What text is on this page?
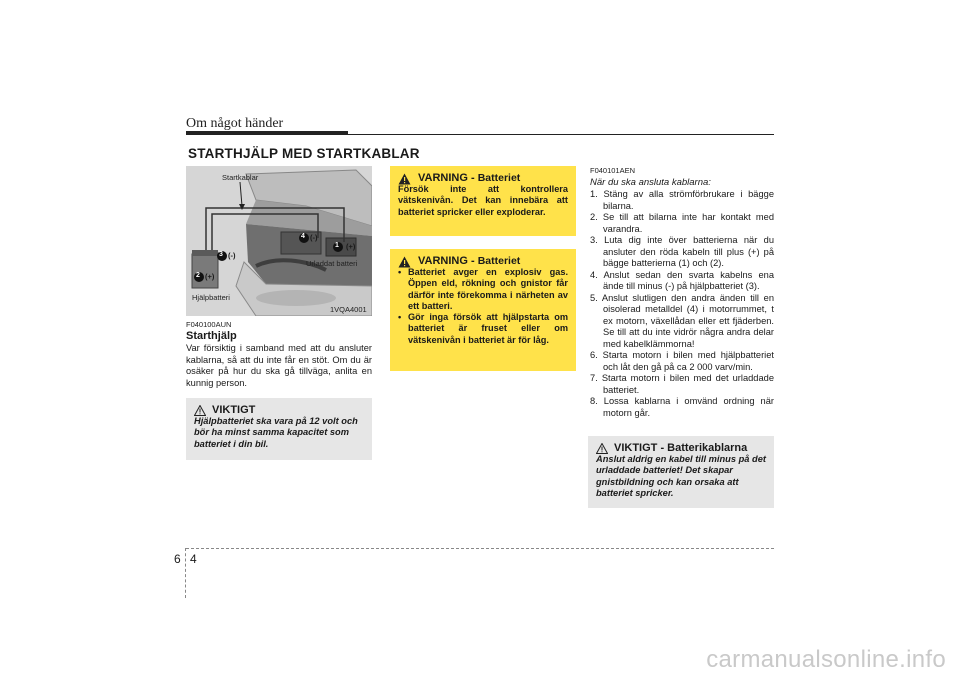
Om något händer
STARTHJÄLP MED STARTKABLAR
Startkablar
Urladdat batteri
Hjälpbatteri
1VQA4001
1
2
3
4
(+)
(-)
(-)
(+)
F040100AUN
Starthjälp
Var försiktig i samband med att du ansluter kablarna, så att du inte får en stöt. Om du är osäker på hur du ska gå tillväga, anlita en kunnig person.
VIKTIGT
Hjälpbatteriet ska vara på 12 volt och bör ha minst samma kapacitet som batteriet i din bil.
VARNING - Batteriet
Försök inte att kontrollera vätskenivån. Det kan innebära att batteriet spricker eller exploderar.
VARNING - Batteriet
• Batteriet avger en explosiv gas. Öppen eld, rökning och gnistor får därför inte förekomma i närheten av ett batteri.
• Gör inga försök att hjälpstarta om batteriet är fruset eller om vätskenivån i batteriet är för låg.
F040101AEN
När du ska ansluta kablarna:
1. Stäng av alla strömförbrukare i bägge bilarna.
2. Se till att bilarna inte har kontakt med varandra.
3. Luta dig inte över batterierna när du ansluter den röda kabeln till plus (+) på bägge batterierna (1) och (2).
4. Anslut sedan den svarta kabelns ena ände till minus (-) på hjälpbatteriet (3).
5. Anslut slutligen den andra änden till en oisolerad metalldel (4) i motorrummet, t ex motorn, växellådan eller ett fjäderben. Se till att du inte vidrör några andra delar med kabelklämmorna!
6. Starta motorn i bilen med hjälpbatteriet och låt den gå på ca 2 000 varv/min.
7. Starta motorn i bilen med det urladdade batteriet.
8. Lossa kablarna i omvänd ordning när motorn går.
VIKTIGT - Batterikablarna
Anslut aldrig en kabel till minus på det urladdade batteriet! Det skapar gnistbildning och kan orsaka att batteriet spricker.
6 4
carmanualsonline.info
